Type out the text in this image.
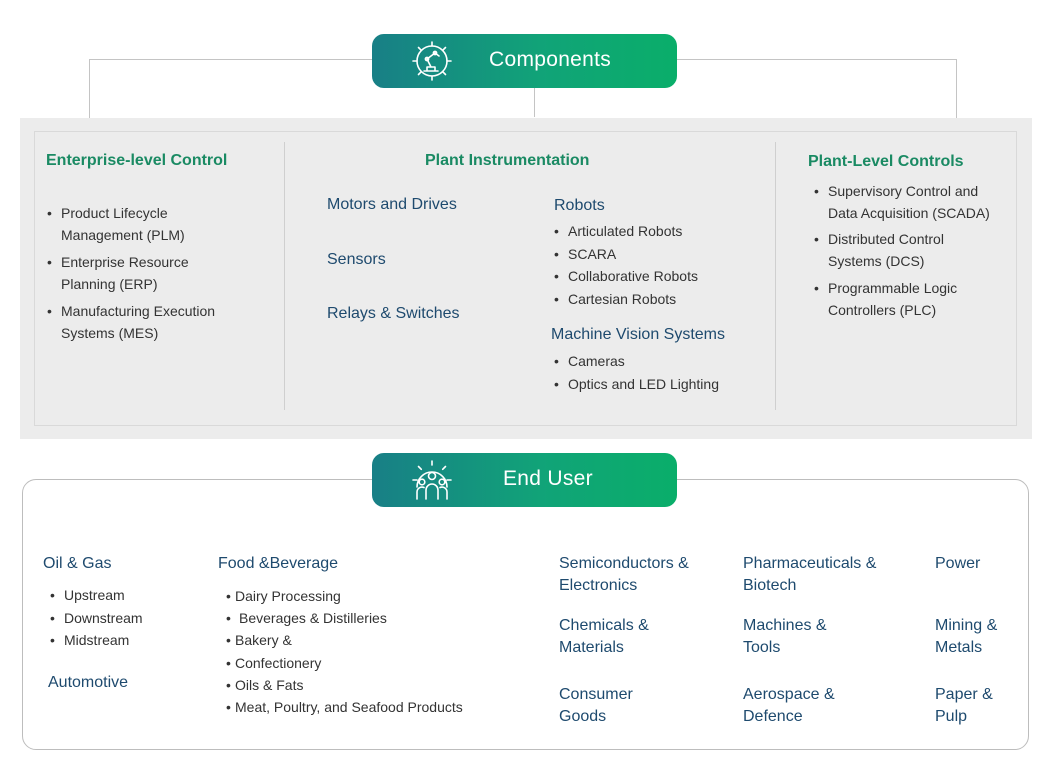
Components
Enterprise-level Control
• Product Lifecycle Management (PLM)
• Enterprise Resource Planning (ERP)
• Manufacturing Execution Systems (MES)
Plant Instrumentation
Motors and Drives
Sensors
Relays & Switches
Robots
• Articulated Robots
• SCARA
• Collaborative Robots
• Cartesian Robots
Machine Vision Systems
• Cameras
• Optics and LED Lighting
Plant-Level Controls
• Supervisory Control and Data Acquisition (SCADA)
• Distributed Control Systems (DCS)
• Programmable Logic Controllers (PLC)
End User
Oil & Gas
• Upstream
• Downstream
• Midstream
Automotive
Food &Beverage
• Dairy Processing
• Beverages & Distilleries
• Bakery &
• Confectionery
• Oils & Fats
• Meat, Poultry, and Seafood Products
Semiconductors & Electronics
Chemicals & Materials
Consumer Goods
Pharmaceuticals & Biotech
Machines & Tools
Aerospace & Defence
Power
Mining & Metals
Paper & Pulp
